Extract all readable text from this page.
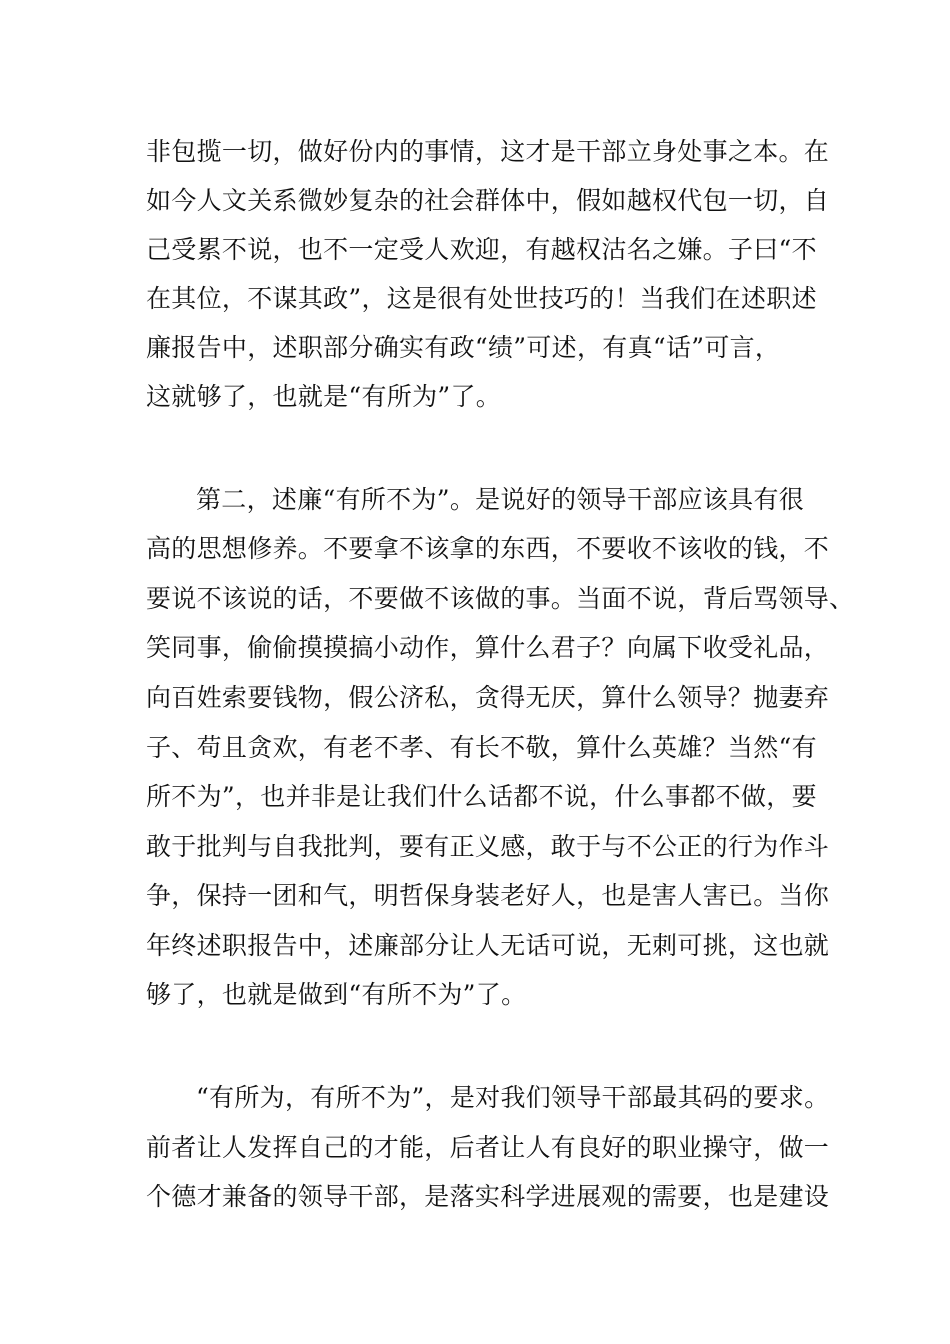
非包揽一切，做好份内的事情，这才是干部立身处事之本。在
如今人文关系微妙复杂的社会群体中，假如越权代包一切，自
己受累不说，也不一定受人欢迎，有越权沽名之嫌。子曰“不
在其位，不谋其政”，这是很有处世技巧的！当我们在述职述
廉报告中，述职部分确实有政“绩”可述，有真“话”可言，
这就够了，也就是“有所为”了。
第二，述廉“有所不为”。是说好的领导干部应该具有很
高的思想修养。不要拿不该拿的东西，不要收不该收的钱，不
要说不该说的话，不要做不该做的事。当面不说，背后骂领导、
笑同事，偷偷摸摸搞小动作，算什么君子？向属下收受礼品，
向百姓索要钱物，假公济私，贪得无厌，算什么领导？抛妻弃
子、苟且贪欢，有老不孝、有长不敬，算什么英雄？当然“有
所不为”，也并非是让我们什么话都不说，什么事都不做，要
敢于批判与自我批判，要有正义感，敢于与不公正的行为作斗
争，保持一团和气，明哲保身装老好人，也是害人害已。当你
年终述职报告中，述廉部分让人无话可说，无刺可挑，这也就
够了，也就是做到“有所不为”了。
“有所为，有所不为”，是对我们领导干部最其码的要求。
前者让人发挥自己的才能，后者让人有良好的职业操守，做一
个德才兼备的领导干部，是落实科学进展观的需要，也是建设
